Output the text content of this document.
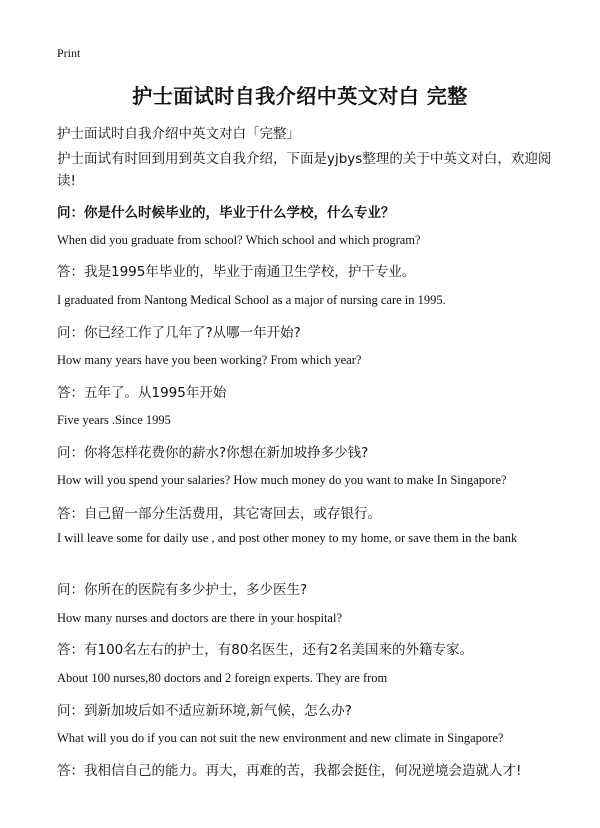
Print
护士面试时自我介绍中英文对白 完整
护士面试时自我介绍中英文对白「完整」
护士面试有时回到用到英文自我介绍，下面是yjbys整理的关于中英文对白，欢迎阅读!
问：你是什么时候毕业的，毕业于什么学校，什么专业？
When did you graduate from school? Which school and which program?
答：我是1995年毕业的，毕业于南通卫生学校，护干专业。
I graduated from Nantong Medical School as a major of nursing care in 1995.
问：你已经工作了几年了?从哪一年开始?
How many years have you been working? From which year?
答：五年了。从1995年开始
Five years .Since 1995
问：你将怎样花费你的薪水?你想在新加坡挣多少钱?
How will you spend your salaries? How much money do you want to make In Singapore?
答：自己留一部分生活费用，其它寄回去，或存银行。
I will leave some for daily use , and post other money to my home, or save them in the bank
问：你所在的医院有多少护士，多少医生?
How many nurses and doctors are there in your hospital?
答：有100名左右的护士，有80名医生，还有2名美国来的外籍专家。
About 100 nurses,80 doctors and 2 foreign experts. They are from
问：到新加坡后如不适应新环境,新气候，怎么办?
What will you do if you can not suit the new environment and new climate in Singapore?
答：我相信自己的能力。再大，再难的苦，我都会挺住，何况逆境会造就人才!
